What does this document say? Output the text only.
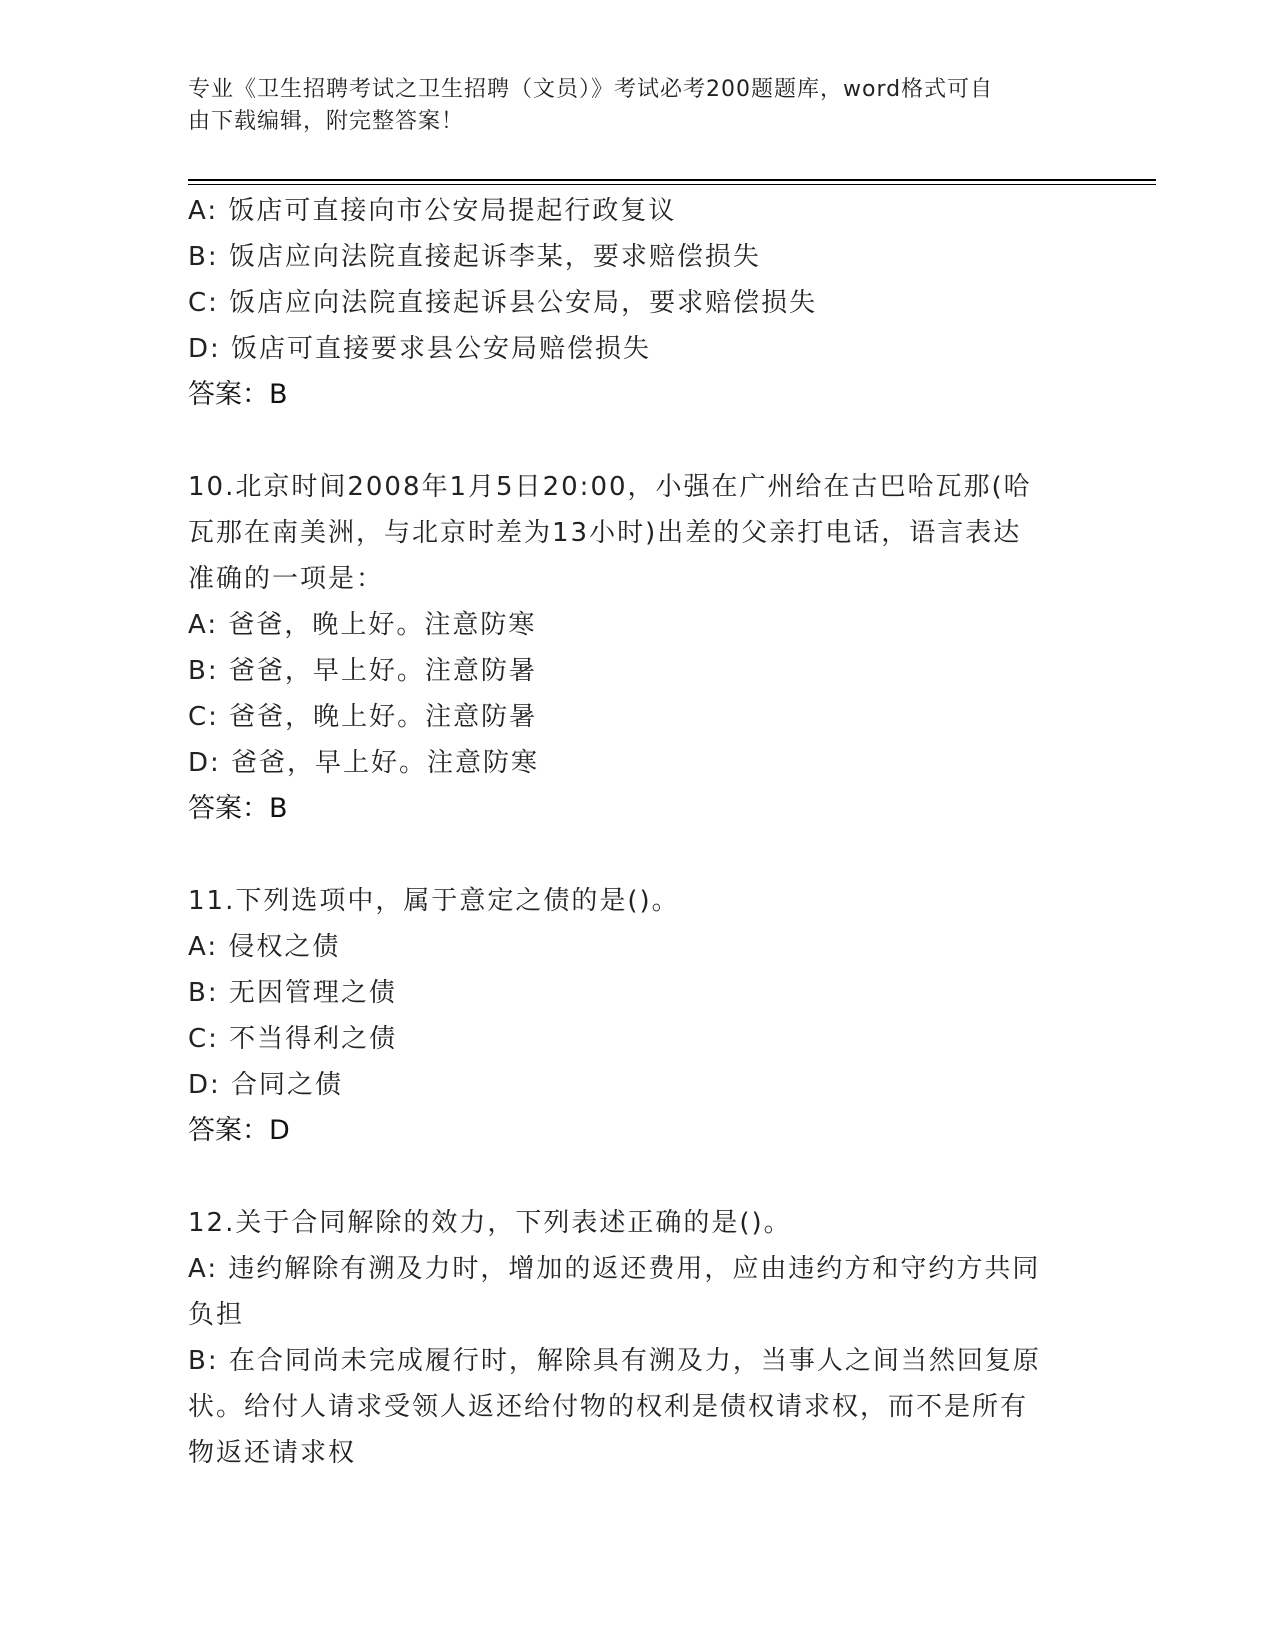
专业《卫生招聘考试之卫生招聘（文员）》考试必考200题题库，word格式可自
由下载编辑，附完整答案！
A: 饭店可直接向市公安局提起行政复议
B: 饭店应向法院直接起诉李某，要求赔偿损失
C: 饭店应向法院直接起诉县公安局，要求赔偿损失
D: 饭店可直接要求县公安局赔偿损失
答案：B
10.北京时间2008年1月5日20:00，小强在广州给在古巴哈瓦那(哈
瓦那在南美洲，与北京时差为13小时)出差的父亲打电话，语言表达
准确的一项是：
A: 爸爸，晚上好。注意防寒
B: 爸爸，早上好。注意防暑
C: 爸爸，晚上好。注意防暑
D: 爸爸，早上好。注意防寒
答案：B
11.下列选项中，属于意定之债的是()。
A: 侵权之债
B: 无因管理之债
C: 不当得利之债
D: 合同之债
答案：D
12.关于合同解除的效力，下列表述正确的是()。
A: 违约解除有溯及力时，增加的返还费用，应由违约方和守约方共同
负担
B: 在合同尚未完成履行时，解除具有溯及力，当事人之间当然回复原
状。给付人请求受领人返还给付物的权利是债权请求权，而不是所有
物返还请求权
